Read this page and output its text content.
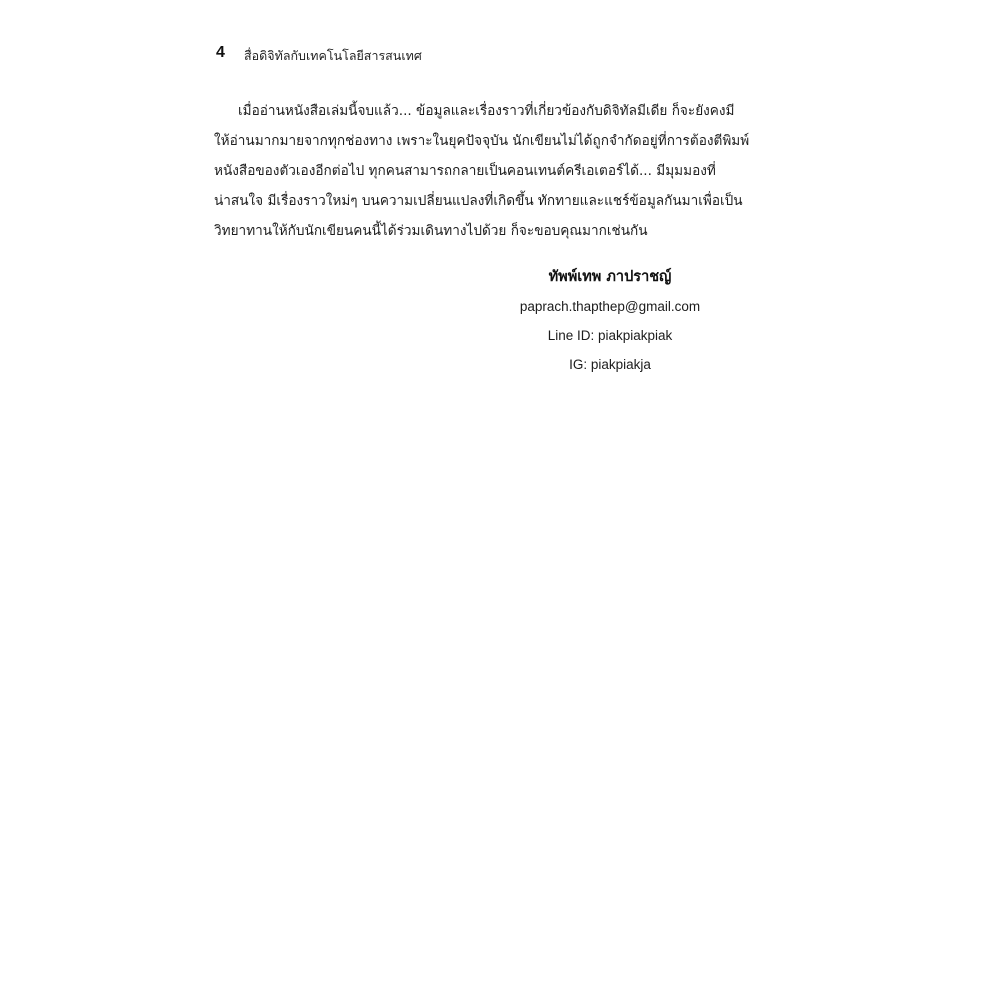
4 สื่อดิจิทัลกับเทคโนโลยีสารสนเทศ
เมื่ออ่านหนังสือเล่มนี้จบแล้ว... ข้อมูลและเรื่องราวที่เกี่ยวข้องกับดิจิทัลมีเดีย ก็จะยังคงมี
ให้อ่านมากมายจากทุกช่องทาง เพราะในยุคปัจจุบัน นักเขียนไม่ได้ถูกจำกัดอยู่ที่การต้องตีพิมพ์
หนังสือของตัวเองอีกต่อไป ทุกคนสามารถกลายเป็นคอนเทนต์ครีเอเตอร์ได้... มีมุมมองที่
น่าสนใจ มีเรื่องราวใหม่ๆ บนความเปลี่ยนแปลงที่เกิดขึ้น ทักทายและแชร์ข้อมูลกันมาเพื่อเป็น
วิทยาทานให้กับนักเขียนคนนี้ได้ร่วมเดินทางไปด้วย ก็จะขอบคุณมากเช่นกัน
ทัพพ์เทพ ภาปราชญ์
paprach.thapthep@gmail.com
Line ID: piakpiakpiak
IG: piakpiakja
